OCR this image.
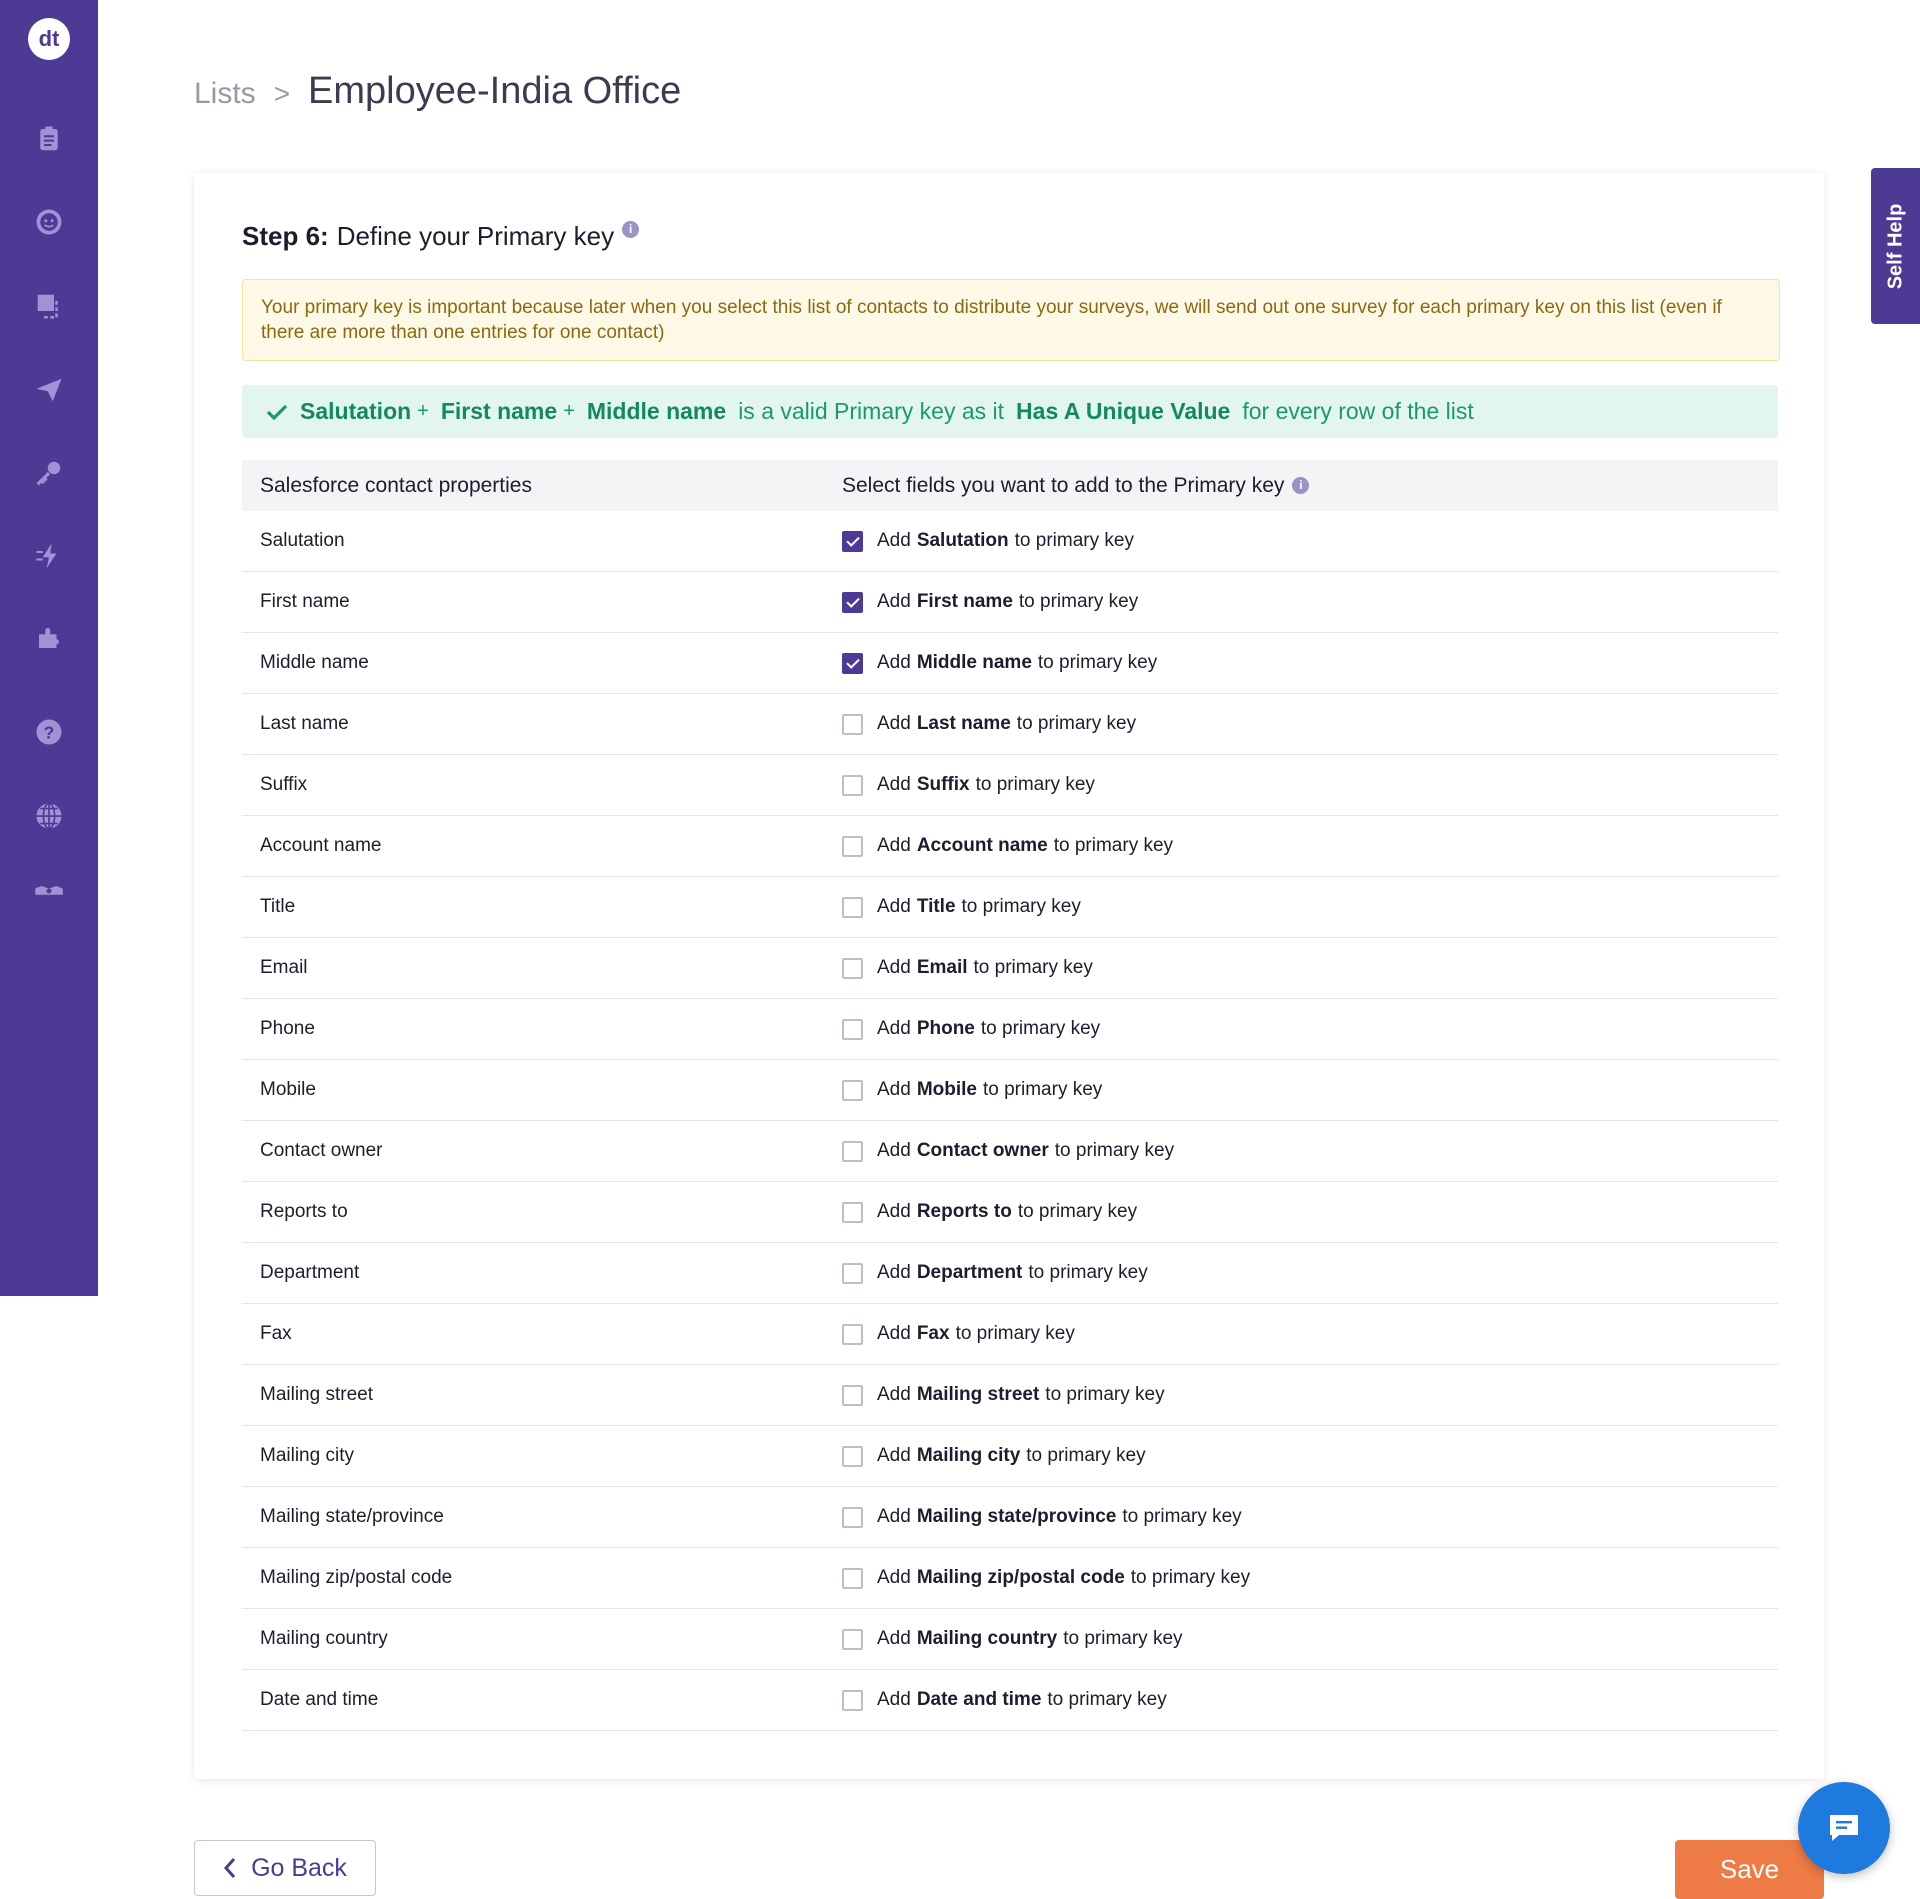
dt
?
Lists > Employee-India Office
Step 6: Define your Primary key	i
Your primary key is important because later when you select this list of contacts to distribute your surveys, we will send out one survey for each primary key on this list (even if there are more than one entries for one contact)
Salutation + First name + Middle name is a valid Primary key as it Has A Unique Value for every row of the list
Salesforce contact properties	Select fields you want to add to the Primary key	i
Salutation	Add Salutation to primary key
First name	Add First name to primary key
Middle name	Add Middle name to primary key
Last name	Add Last name to primary key
Suffix	Add Suffix to primary key
Account name	Add Account name to primary key
Title	Add Title to primary key
Email	Add Email to primary key
Phone	Add Phone to primary key
Mobile	Add Mobile to primary key
Contact owner	Add Contact owner to primary key
Reports to	Add Reports to to primary key
Department	Add Department to primary key
Fax	Add Fax to primary key
Mailing street	Add Mailing street to primary key
Mailing city	Add Mailing city to primary key
Mailing state/province	Add Mailing state/province to primary key
Mailing zip/postal code	Add Mailing zip/postal code to primary key
Mailing country	Add Mailing country to primary key
Date and time	Add Date and time to primary key
Self Help
Go Back	Save
